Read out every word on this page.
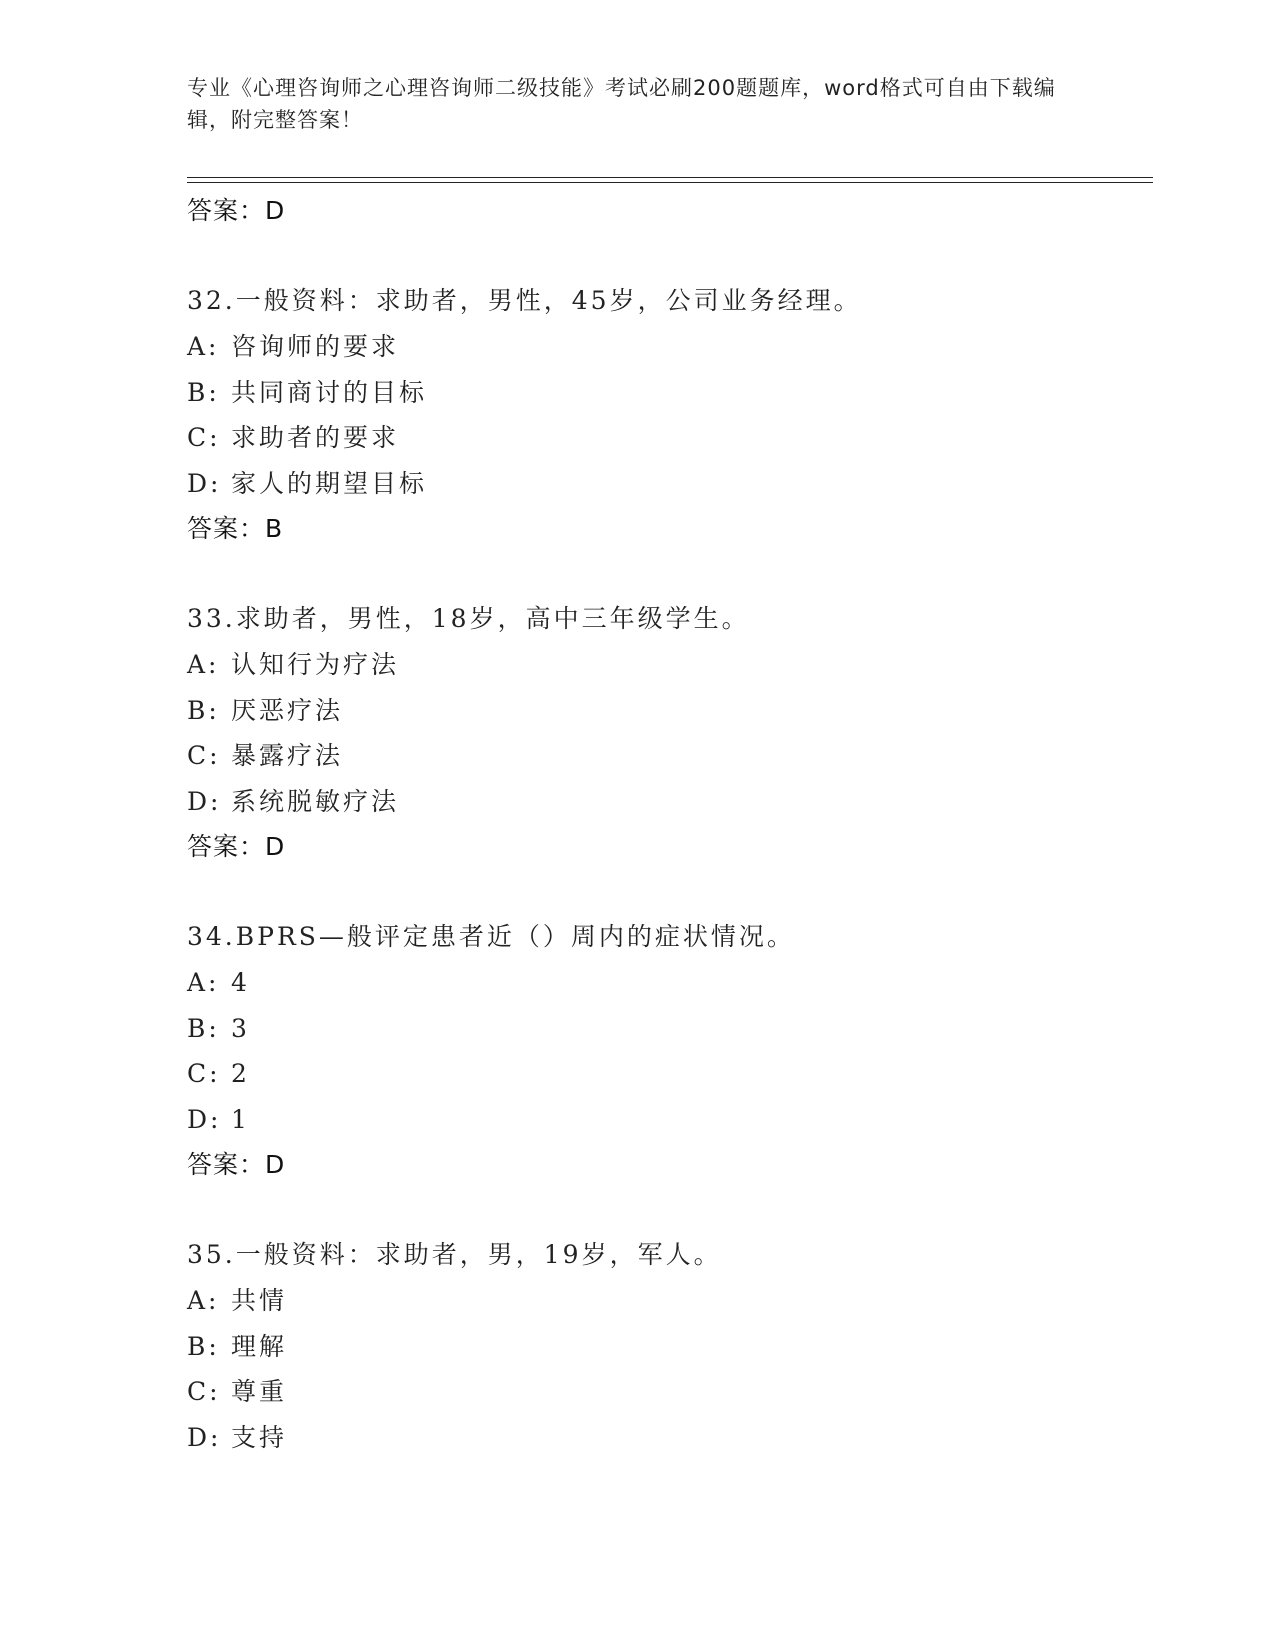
专业《心理咨询师之心理咨询师二级技能》考试必刷200题题库，word格式可自由下载编辑，附完整答案！
答案：D
32.一般资料：求助者，男性，45岁，公司业务经理。
A: 咨询师的要求
B: 共同商讨的目标
C: 求助者的要求
D: 家人的期望目标
答案：B
33.求助者，男性，18岁，高中三年级学生。
A: 认知行为疗法
B: 厌恶疗法
C: 暴露疗法
D: 系统脱敏疗法
答案：D
34.BPRS—般评定患者近（）周内的症状情况。
A: 4
B: 3
C: 2
D: 1
答案：D
35.一般资料：求助者，男，19岁，军人。
A: 共情
B: 理解
C: 尊重
D: 支持
